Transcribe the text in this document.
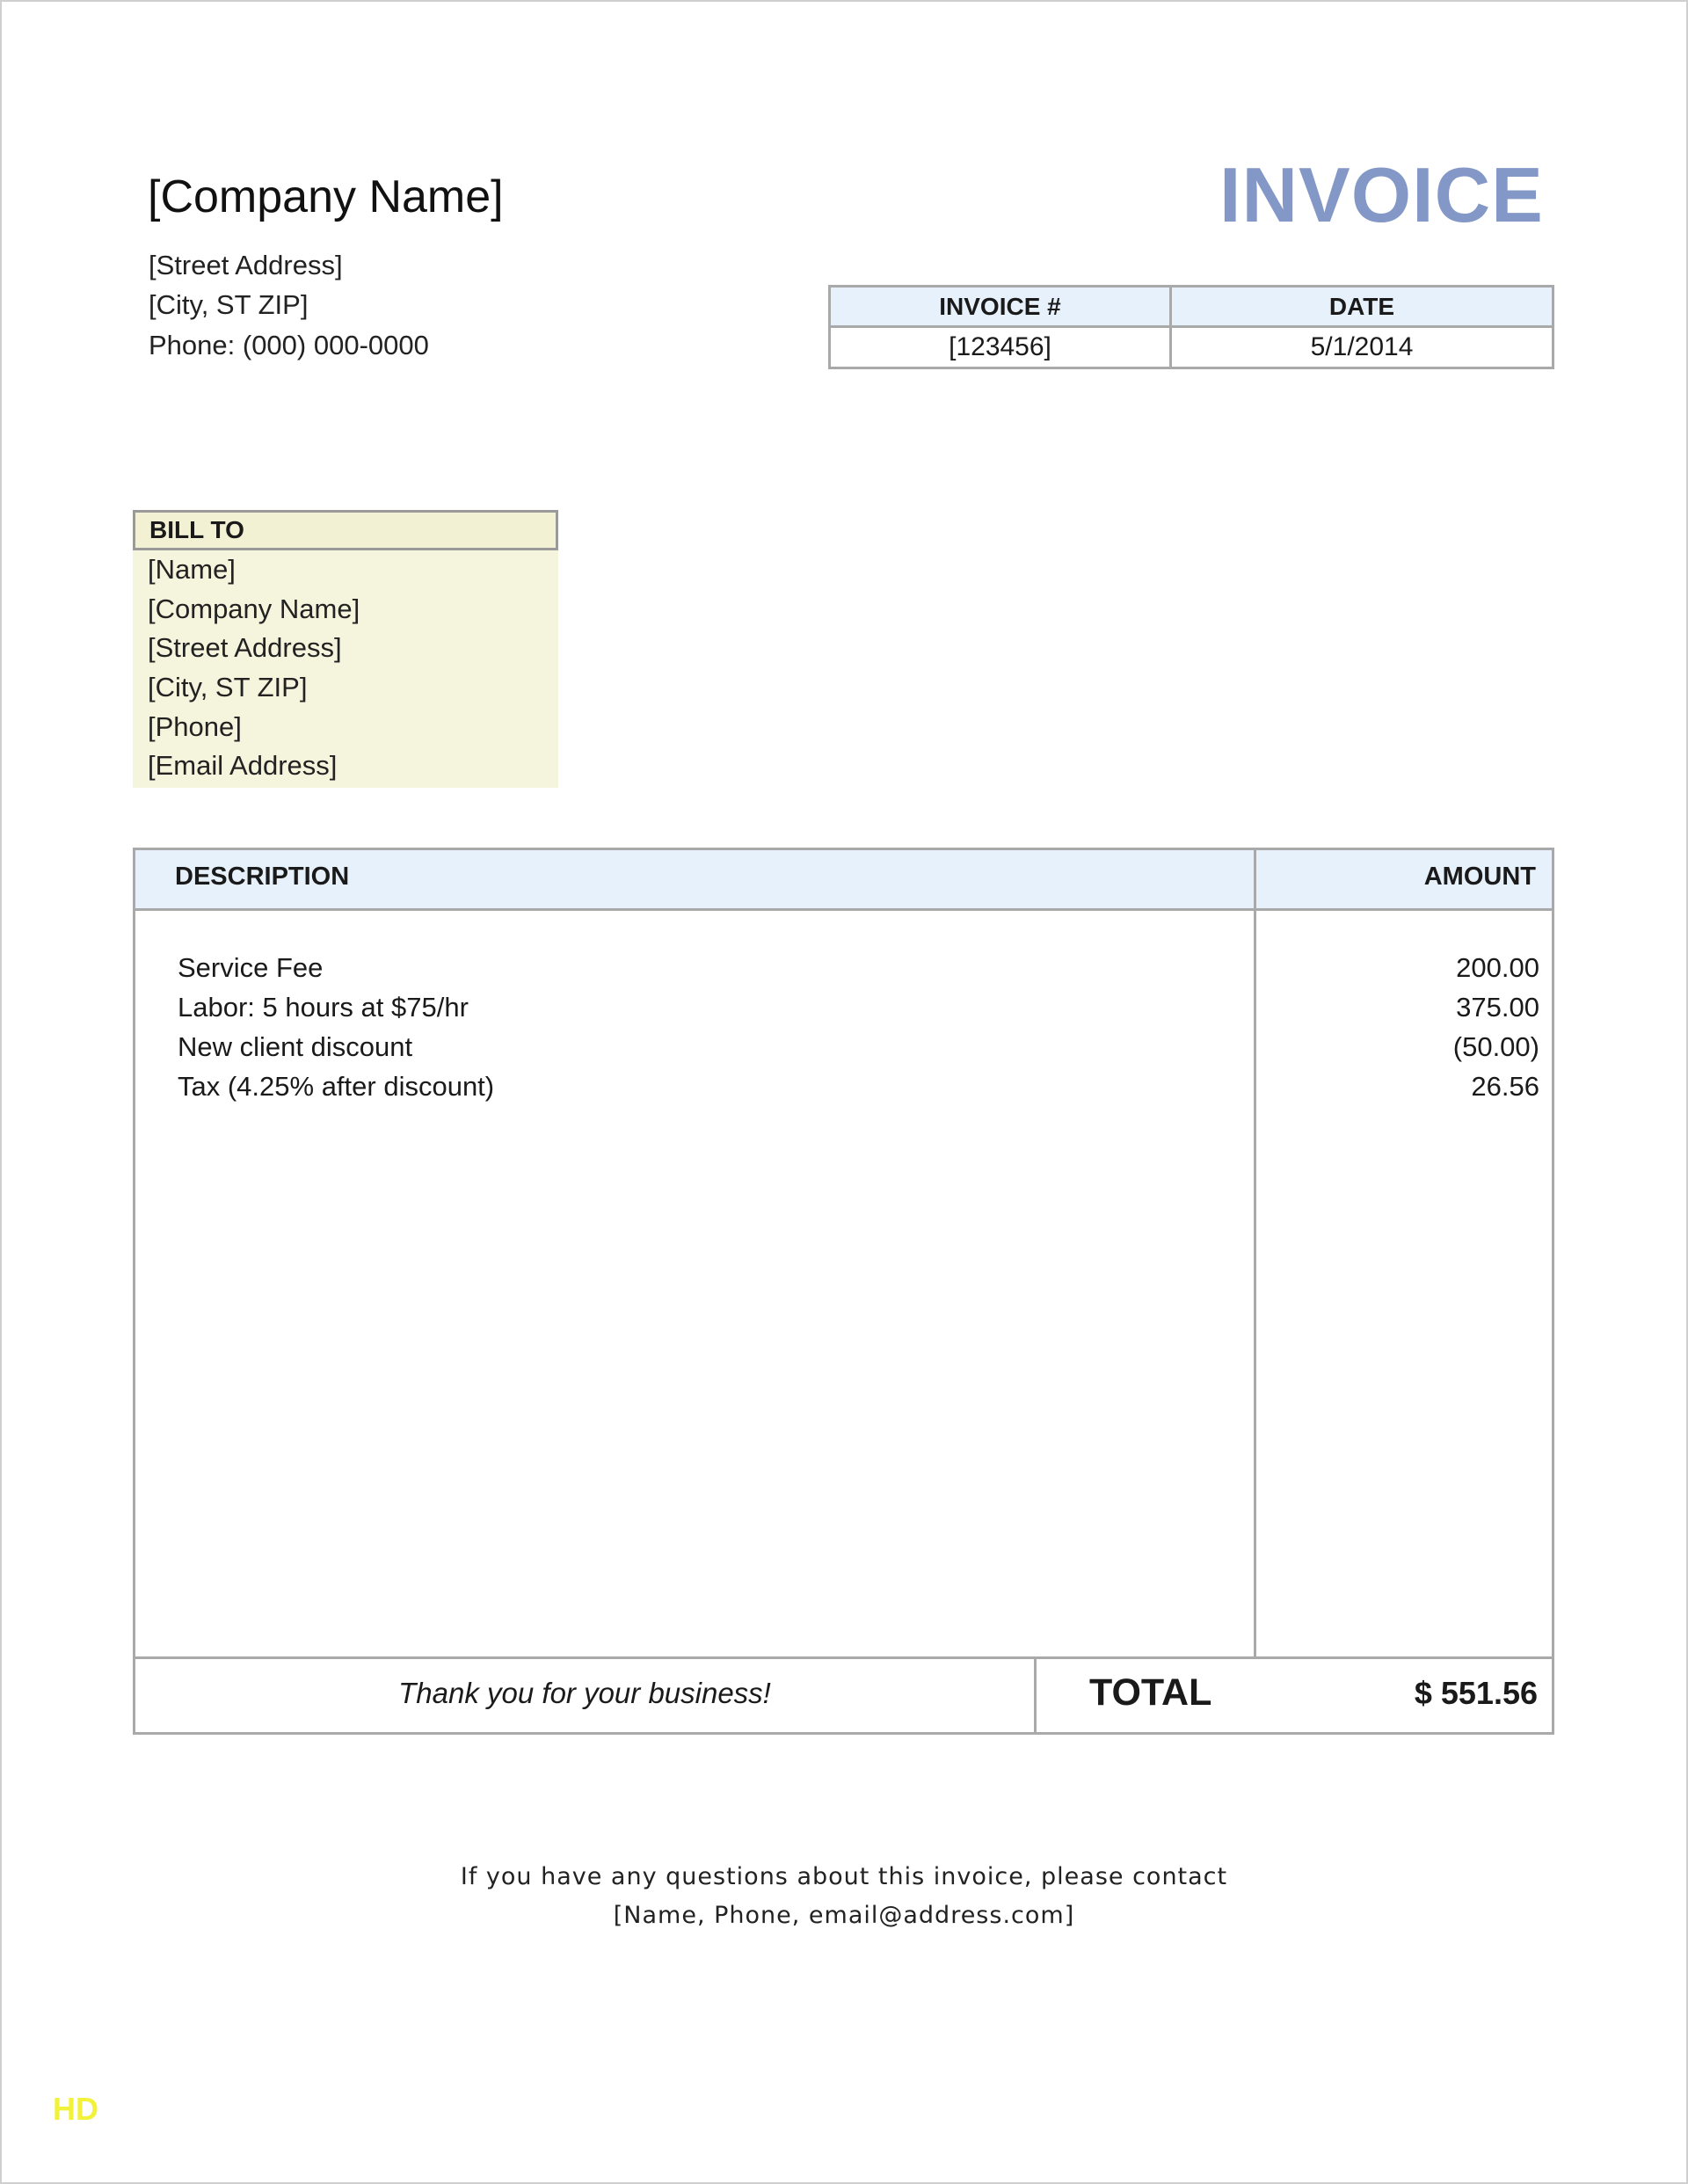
[Company Name]
[Street Address]
[City, ST ZIP]
Phone: (000) 000-0000
INVOICE
INVOICE #	DATE
[123456]	5/1/2014
BILL TO
[Name]
[Company Name]
[Street Address]
[City, ST ZIP]
[Phone]
[Email Address]
DESCRIPTION	AMOUNT
Service Fee	200.00
Labor: 5 hours at $75/hr	375.00
New client discount	(50.00)
Tax (4.25% after discount)	26.56
Thank you for your business!	TOTAL	$ 551.56
If you have any questions about this invoice, please contact
[Name, Phone, email@address.com]
HD
